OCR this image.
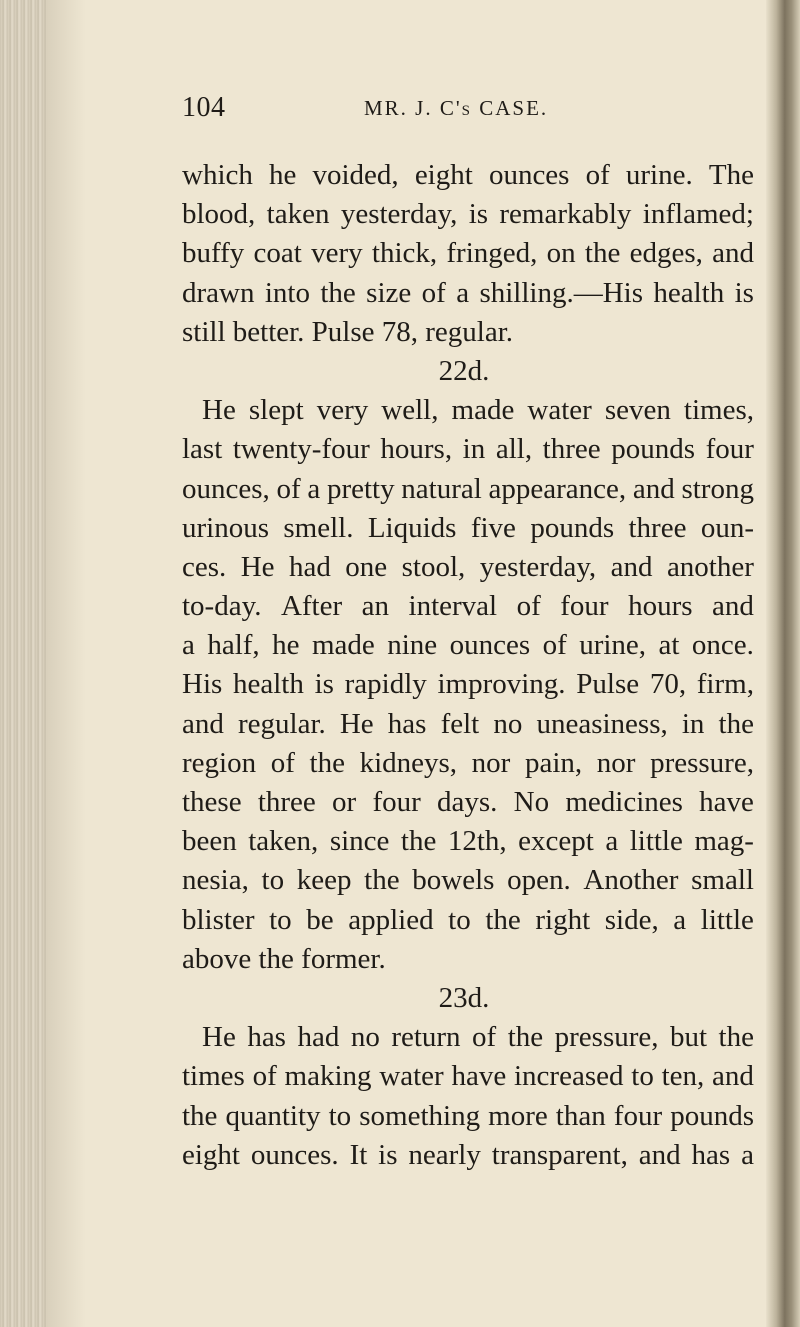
104	MR. J. C's CASE.
which he voided, eight ounces of urine. The
blood, taken yesterday, is remarkably inflamed;
buffy coat very thick, fringed, on the edges, and
drawn into the size of a shilling.—His health is
still better. Pulse 78, regular.
22d.
He slept very well, made water seven times,
last twenty-four hours, in all, three pounds four
ounces, of a pretty natural appearance, and strong
urinous smell. Liquids five pounds three oun-
ces. He had one stool, yesterday, and another
to-day. After an interval of four hours and
a half, he made nine ounces of urine, at once.
His health is rapidly improving. Pulse 70, firm,
and regular. He has felt no uneasiness, in the
region of the kidneys, nor pain, nor pressure,
these three or four days. No medicines have
been taken, since the 12th, except a little mag-
nesia, to keep the bowels open. Another small
blister to be applied to the right side, a little
above the former.
23d.
He has had no return of the pressure, but the
times of making water have increased to ten, and
the quantity to something more than four pounds
eight ounces. It is nearly transparent, and has a
